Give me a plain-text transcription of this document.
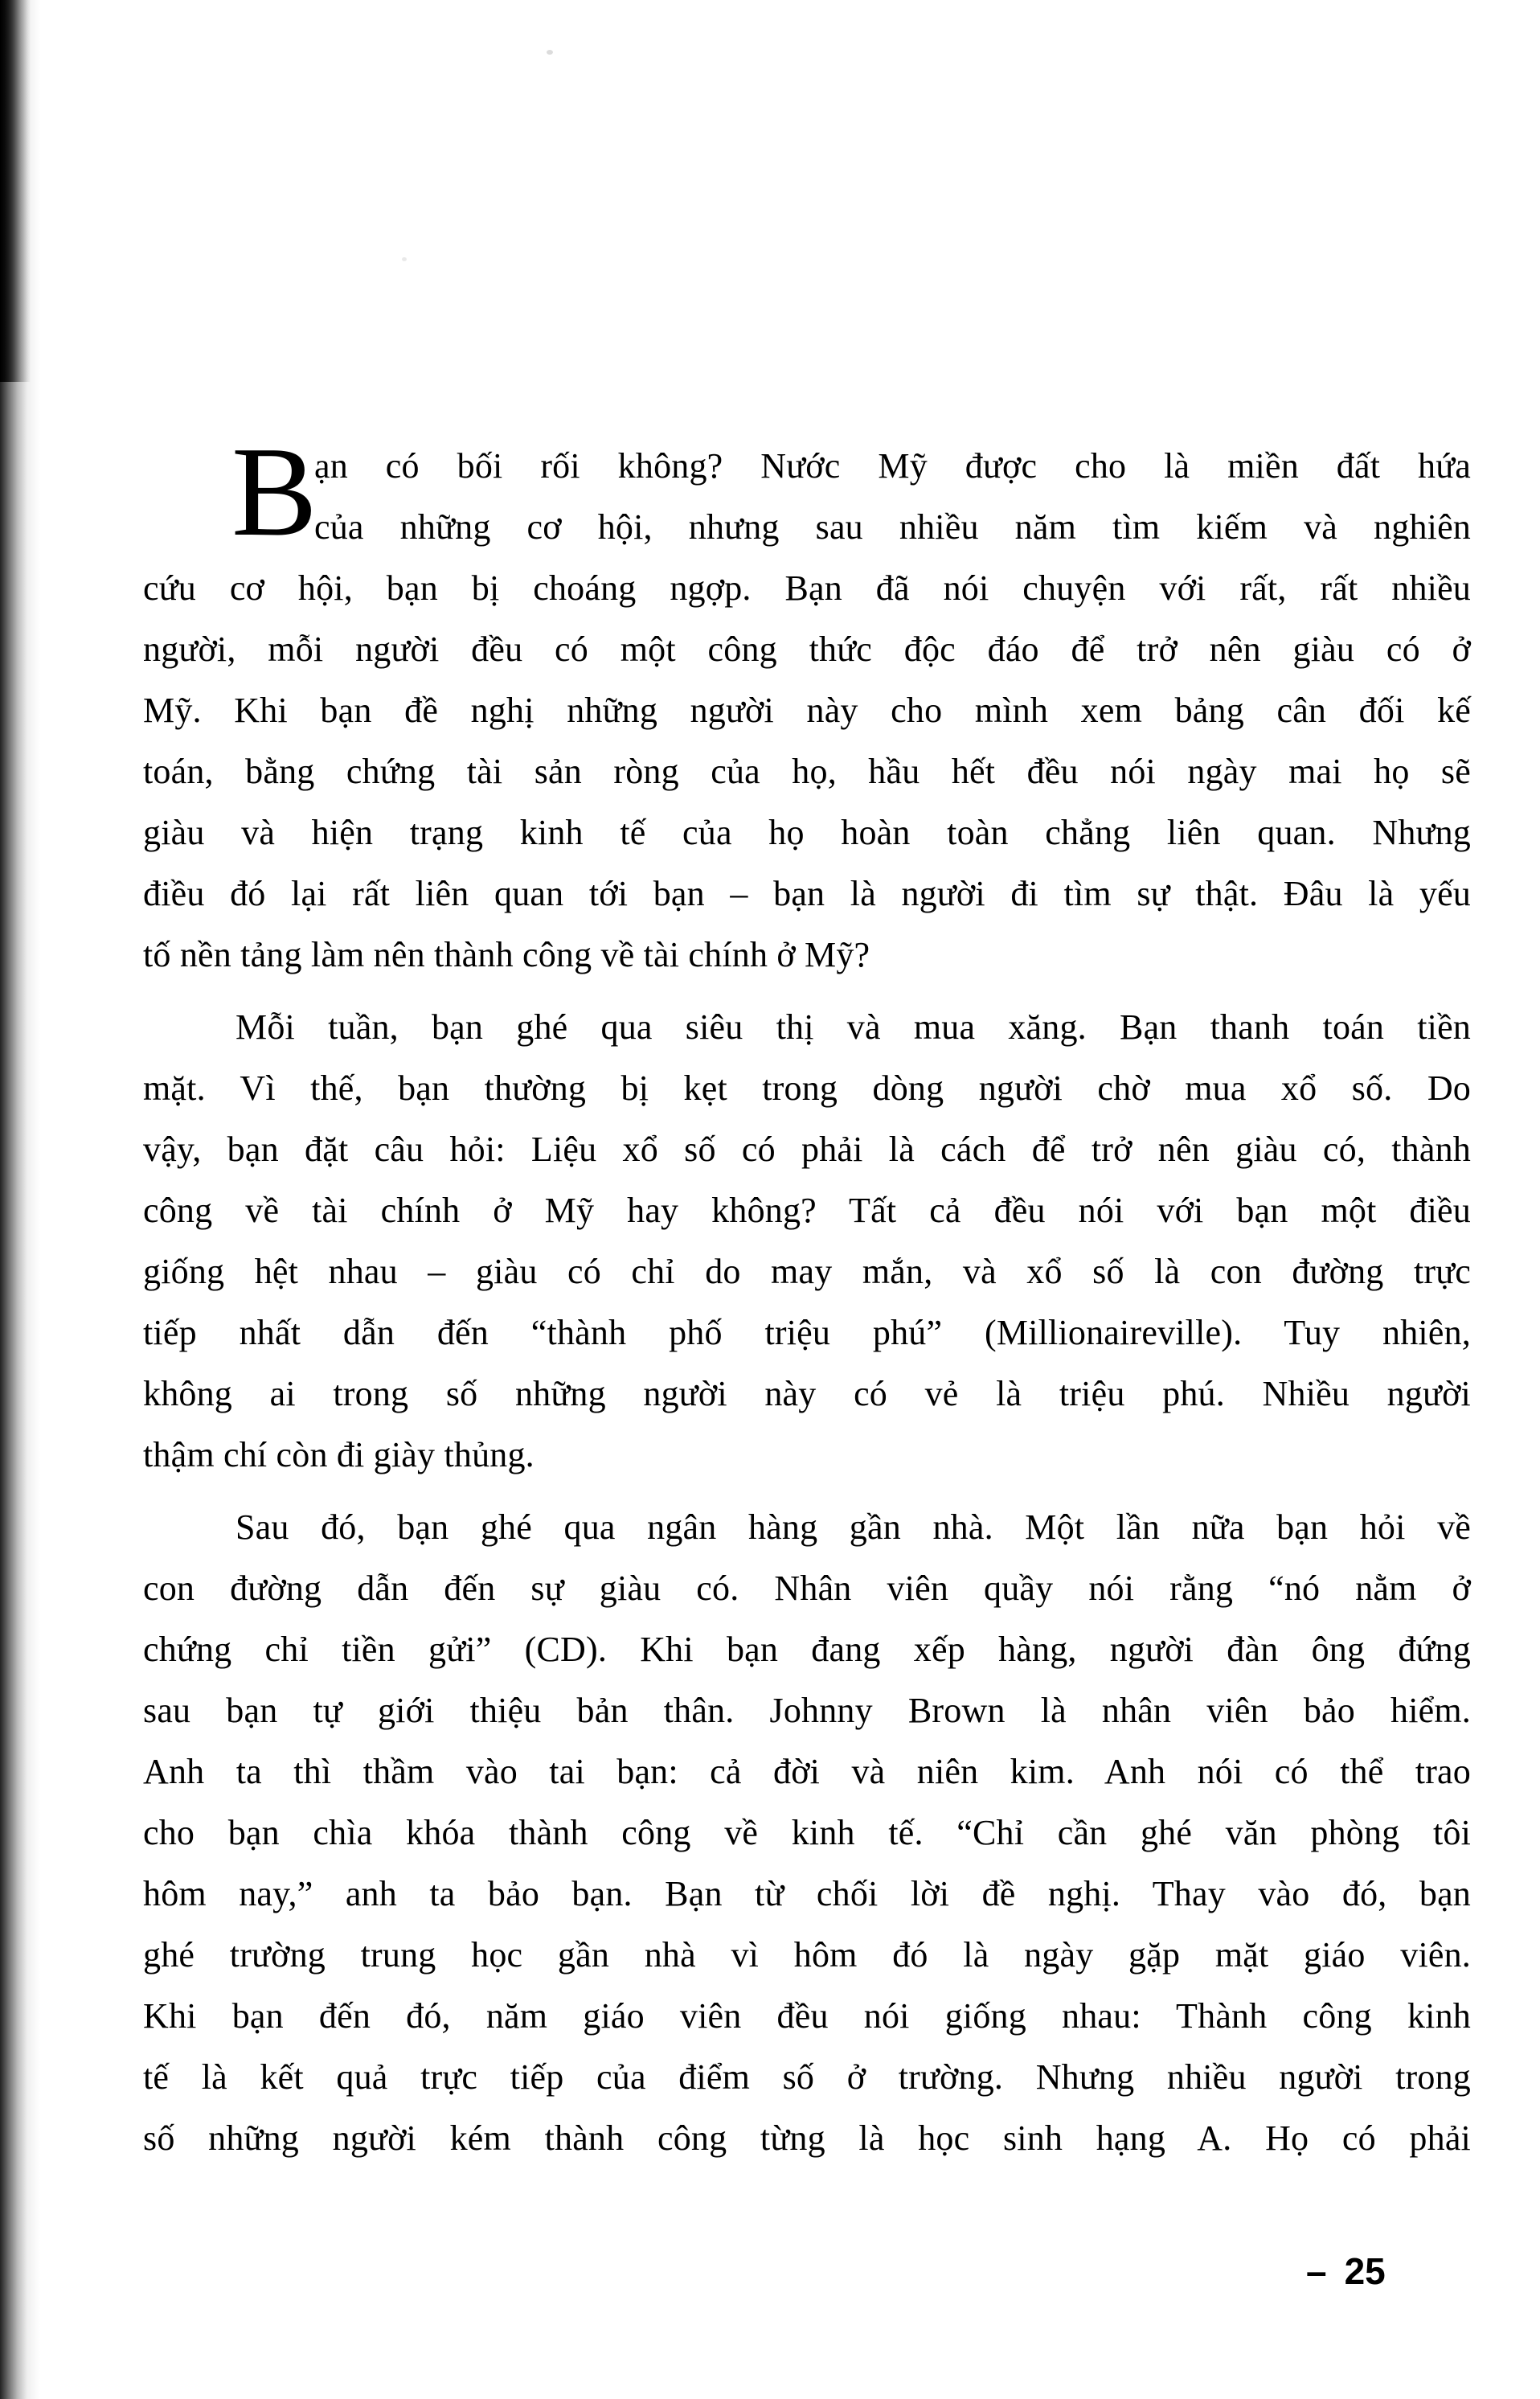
B
ạn có bối rối không? Nước Mỹ được cho là miền đất hứa
của những cơ hội, nhưng sau nhiều năm tìm kiếm và nghiên
cứu cơ hội, bạn bị choáng ngợp. Bạn đã nói chuyện với rất, rất nhiều
người, mỗi người đều có một công thức độc đáo để trở nên giàu có ở
Mỹ. Khi bạn đề nghị những người này cho mình xem bảng cân đối kế
toán, bằng chứng tài sản ròng của họ, hầu hết đều nói ngày mai họ sẽ
giàu và hiện trạng kinh tế của họ hoàn toàn chẳng liên quan. Nhưng
điều đó lại rất liên quan tới bạn – bạn là người đi tìm sự thật. Đâu là yếu
tố nền tảng làm nên thành công về tài chính ở Mỹ?
Mỗi tuần, bạn ghé qua siêu thị và mua xăng. Bạn thanh toán tiền
mặt. Vì thế, bạn thường bị kẹt trong dòng người chờ mua xổ số. Do
vậy, bạn đặt câu hỏi: Liệu xổ số có phải là cách để trở nên giàu có, thành
công về tài chính ở Mỹ hay không? Tất cả đều nói với bạn một điều
giống hệt nhau – giàu có chỉ do may mắn, và xổ số là con đường trực
tiếp nhất dẫn đến “thành phố triệu phú” (Millionaireville). Tuy nhiên,
không ai trong số những người này có vẻ là triệu phú. Nhiều người
thậm chí còn đi giày thủng.
Sau đó, bạn ghé qua ngân hàng gần nhà. Một lần nữa bạn hỏi về
con đường dẫn đến sự giàu có. Nhân viên quầy nói rằng “nó nằm ở
chứng chỉ tiền gửi” (CD). Khi bạn đang xếp hàng, người đàn ông đứng
sau bạn tự giới thiệu bản thân. Johnny Brown là nhân viên bảo hiểm.
Anh ta thì thầm vào tai bạn: cả đời và niên kim. Anh nói có thể trao
cho bạn chìa khóa thành công về kinh tế. “Chỉ cần ghé văn phòng tôi
hôm nay,” anh ta bảo bạn. Bạn từ chối lời đề nghị. Thay vào đó, bạn
ghé trường trung học gần nhà vì hôm đó là ngày gặp mặt giáo viên.
Khi bạn đến đó, năm giáo viên đều nói giống nhau: Thành công kinh
tế là kết quả trực tiếp của điểm số ở trường. Nhưng nhiều người trong
số những người kém thành công từng là học sinh hạng A. Họ có phải
– 25
